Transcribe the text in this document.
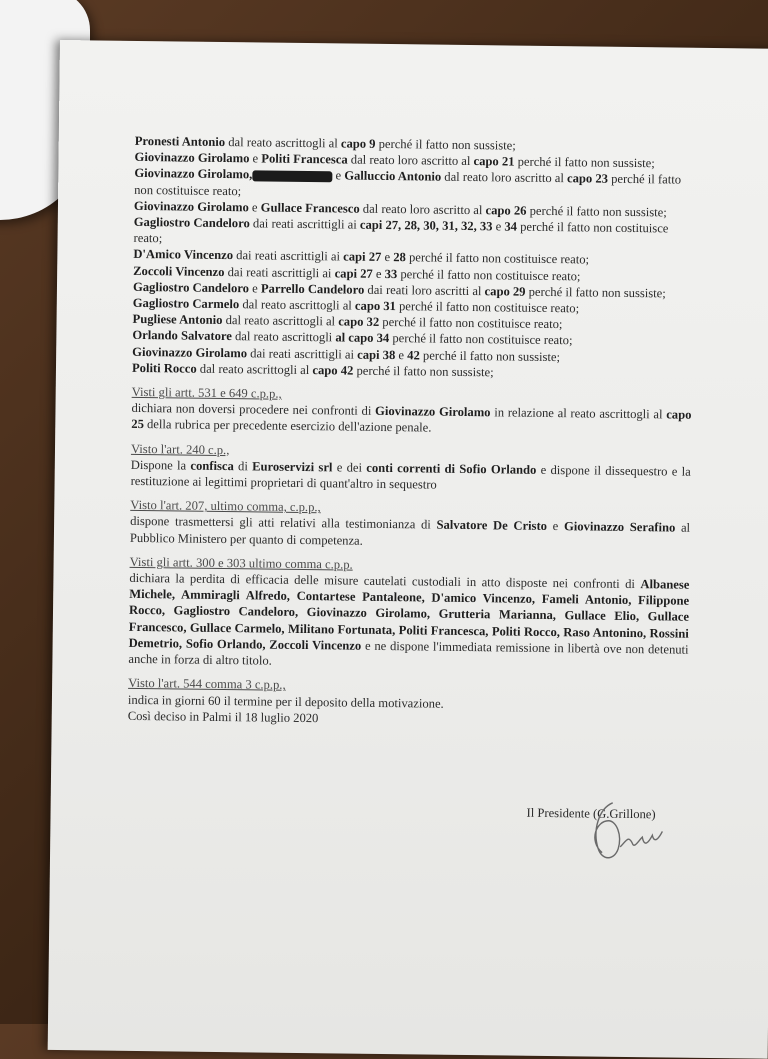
Pronesti Antonio dal reato ascrittogli al capo 9 perché il fatto non sussiste;

Giovinazzo Girolamo e Politi Francesca dal reato loro ascritto al capo 21 perché il fatto non sussiste;

Giovinazzo Girolamo,	e Galluccio Antonio dal reato loro ascritto al capo 23 perché il fatto non costituisce reato;

Giovinazzo Girolamo e Gullace Francesco dal reato loro ascritto al capo 26 perché il fatto non sussiste;

Gagliostro Candeloro dai reati ascrittigli ai capi 27, 28, 30, 31, 32, 33 e 34 perché il fatto non costituisce reato;

D'Amico Vincenzo dai reati ascrittigli ai capi 27 e 28 perché il fatto non costituisce reato;

Zoccoli Vincenzo dai reati ascrittigli ai capi 27 e 33 perché il fatto non costituisce reato;

Gagliostro Candeloro e Parrello Candeloro dai reati loro ascritti al capo 29 perché il fatto non sussiste;

Gagliostro Carmelo dal reato ascrittogli al capo 31 perché il fatto non costituisce reato;

Pugliese Antonio dal reato ascrittogli al capo 32 perché il fatto non costituisce reato;

Orlando Salvatore dal reato ascrittogli al capo 34 perché il fatto non costituisce reato;

Giovinazzo Girolamo dai reati ascrittigli ai capi 38 e 42 perché il fatto non sussiste;

Politi Rocco dal reato ascrittogli al capo 42 perché il fatto non sussiste;

Visti gli artt. 531 e 649 c.p.p.,

dichiara non doversi procedere nei confronti di Giovinazzo Girolamo in relazione al reato ascrittogli al capo 25 della rubrica per precedente esercizio dell'azione penale.

Visto l'art. 240 c.p.,

Dispone la confisca di Euroservizi srl e dei conti correnti di Sofio Orlando e dispone il dissequestro e la restituzione ai legittimi proprietari di quant'altro in sequestro

Visto l'art. 207, ultimo comma, c.p.p.,

dispone trasmettersi gli atti relativi alla testimonianza di Salvatore De Cristo e Giovinazzo Serafino al Pubblico Ministero per quanto di competenza.

Visti gli artt. 300 e 303 ultimo comma c.p.p.

dichiara la perdita di efficacia delle misure cautelati custodiali in atto disposte nei confronti di Albanese Michele, Ammiragli Alfredo, Contartese Pantaleone, D'amico Vincenzo, Fameli Antonio, Filippone Rocco, Gagliostro Candeloro, Giovinazzo Girolamo, Grutteria Marianna, Gullace Elio, Gullace Francesco, Gullace Carmelo, Militano Fortunata, Politi Francesca, Politi Rocco, Raso Antonino, Rossini Demetrio, Sofio Orlando, Zoccoli Vincenzo e ne dispone l'immediata remissione in libertà ove non detenuti anche in forza di altro titolo.

Visto l'art. 544 comma 3 c.p.p.,

indica in giorni 60 il termine per il deposito della motivazione.

Così deciso in Palmi il 18 luglio 2020

Il Presidente (G.Grillone)
